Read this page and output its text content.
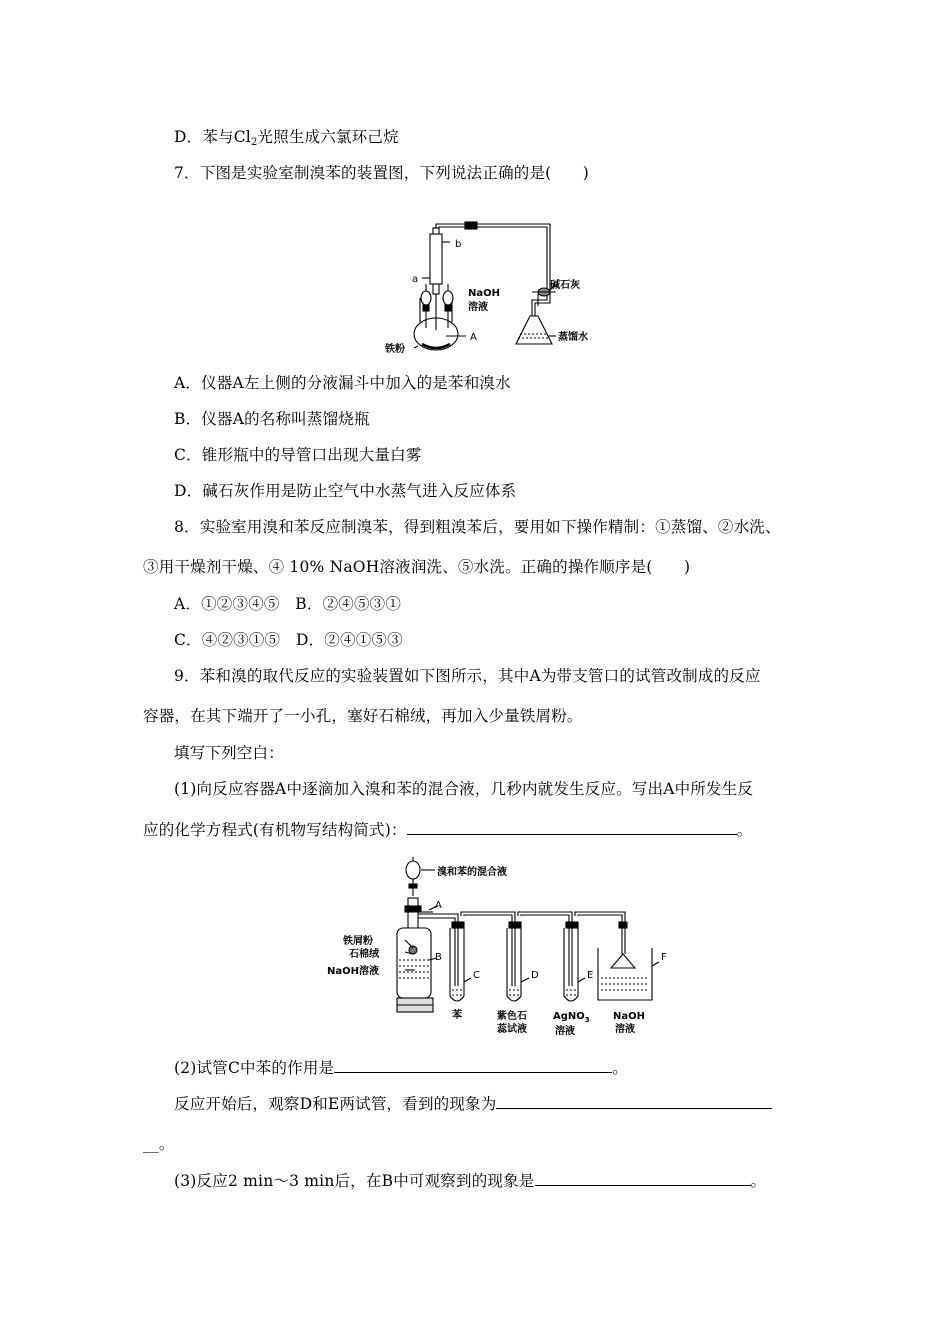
D．苯与$Cl_2$光照生成六氯环己烷
7．下图是实验室制溴苯的装置图，下列说法正确的是(　　)
b
a
NaOH
溶液
A
铁粉
碱石灰
蒸馏水
A．仪器A左上侧的分液漏斗中加入的是苯和溴水
B．仪器A的名称叫蒸馏烧瓶
C．锥形瓶中的导管口出现大量白雾
D．碱石灰作用是防止空气中水蒸气进入反应体系
8．实验室用溴和苯反应制溴苯，得到粗溴苯后，要用如下操作精制：①蒸馏、②水洗、
③用干燥剂干燥、④ 10% NaOH溶液润洗、⑤水洗。正确的操作顺序是(　　)
A．①②③④⑤　B．②④⑤③①
C．④②③①⑤　D．②④①⑤③
9．苯和溴的取代反应的实验装置如下图所示，其中A为带支管口的试管改制成的反应
容器，在其下端开了一小孔，塞好石棉绒，再加入少量铁屑粉。
填写下列空白：
(1)向反应容器A中逐滴加入溴和苯的混合液，几秒内就发生反应。写出A中所发生反
应的化学方程式(有机物写结构简式)：	。
溴和苯的混合液
A
铁屑粉
石棉绒	B
NaOH溶液	C	D	E
F
苯	紫色石
蕊试液
AgNO$_3$
溶液
NaOH
溶液
(2)试管C中苯的作用是	。
反应开始后，观察D和E两试管，看到的现象为
__。
(3)反应2 min～3 min后，在B中可观察到的现象是	。
